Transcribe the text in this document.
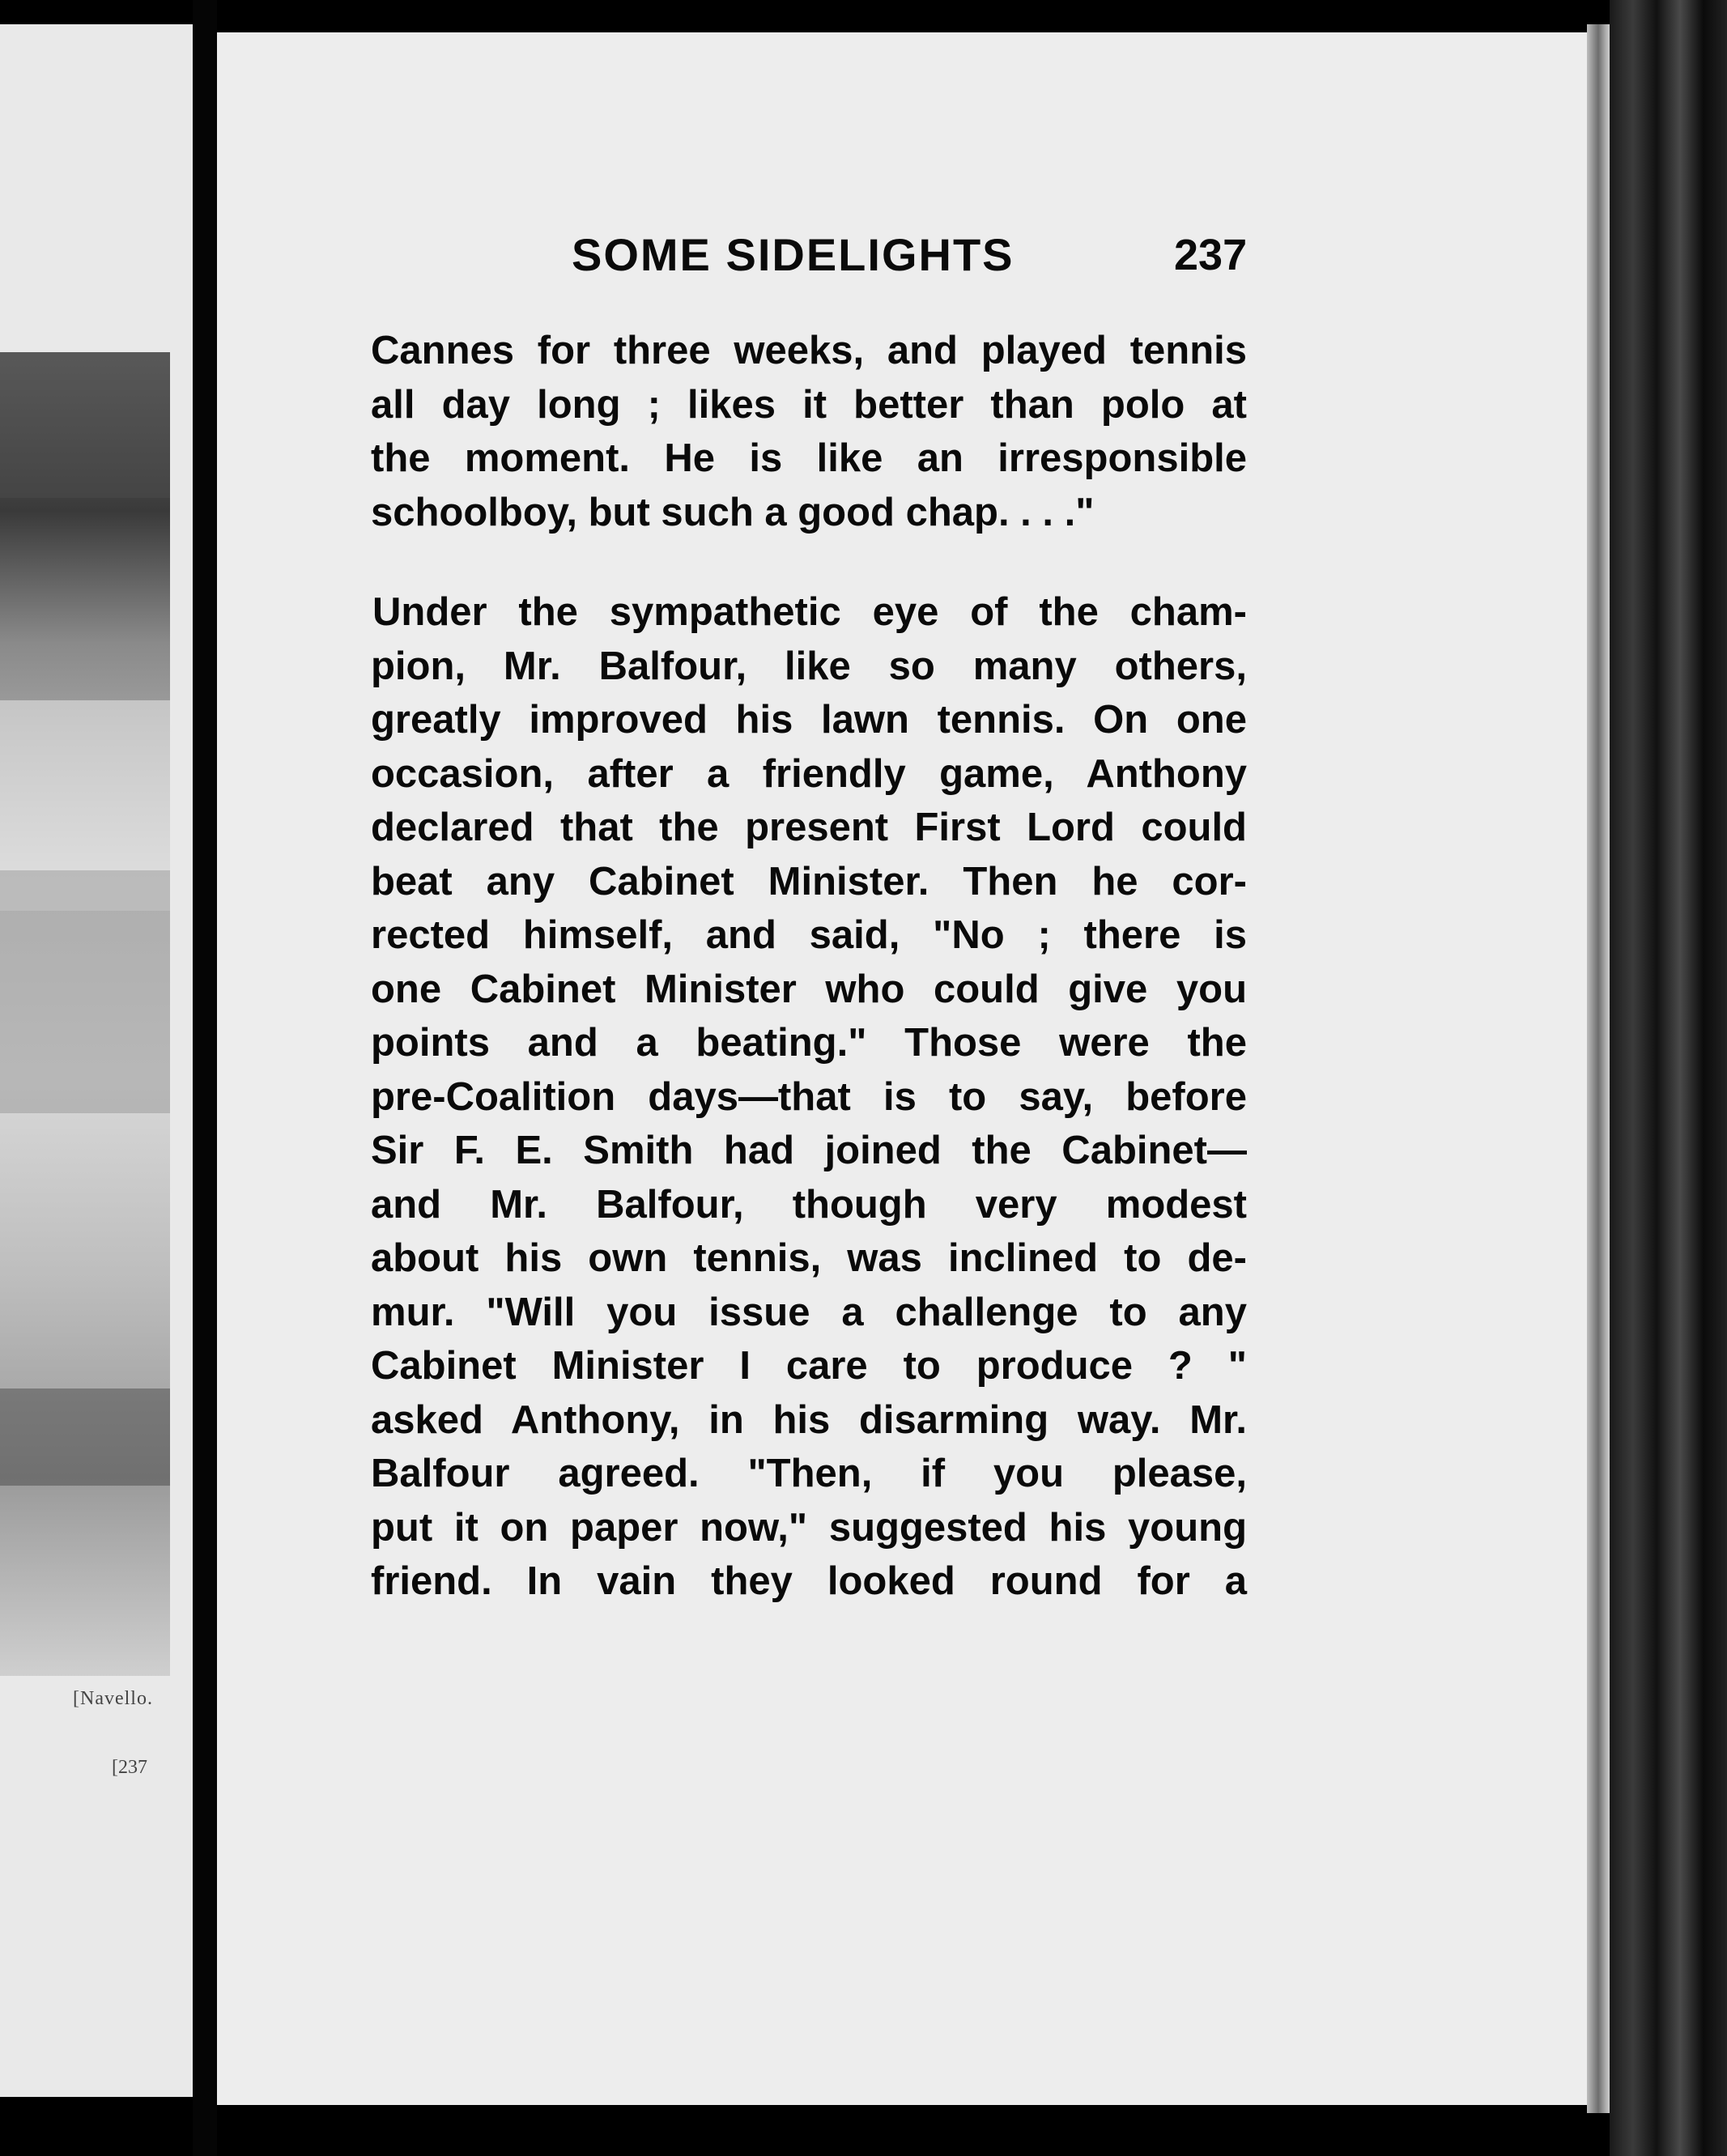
[Navello.
[237
SOME SIDELIGHTS	237
Cannes for three weeks, and played tennis
all day long ; likes it better than polo at
the moment. He is like an irresponsible
schoolboy, but such a good chap. . . ."
Under the sympathetic eye of the cham-
pion, Mr. Balfour, like so many others,
greatly improved his lawn tennis. On one
occasion, after a friendly game, Anthony
declared that the present First Lord could
beat any Cabinet Minister. Then he cor-
rected himself, and said, "No ; there is
one Cabinet Minister who could give you
points and a beating." Those were the
pre-Coalition days—that is to say, before
Sir F. E. Smith had joined the Cabinet—
and Mr. Balfour, though very modest
about his own tennis, was inclined to de-
mur. "Will you issue a challenge to any
Cabinet Minister I care to produce ? "
asked Anthony, in his disarming way. Mr.
Balfour agreed. "Then, if you please,
put it on paper now," suggested his young
friend. In vain they looked round for a
